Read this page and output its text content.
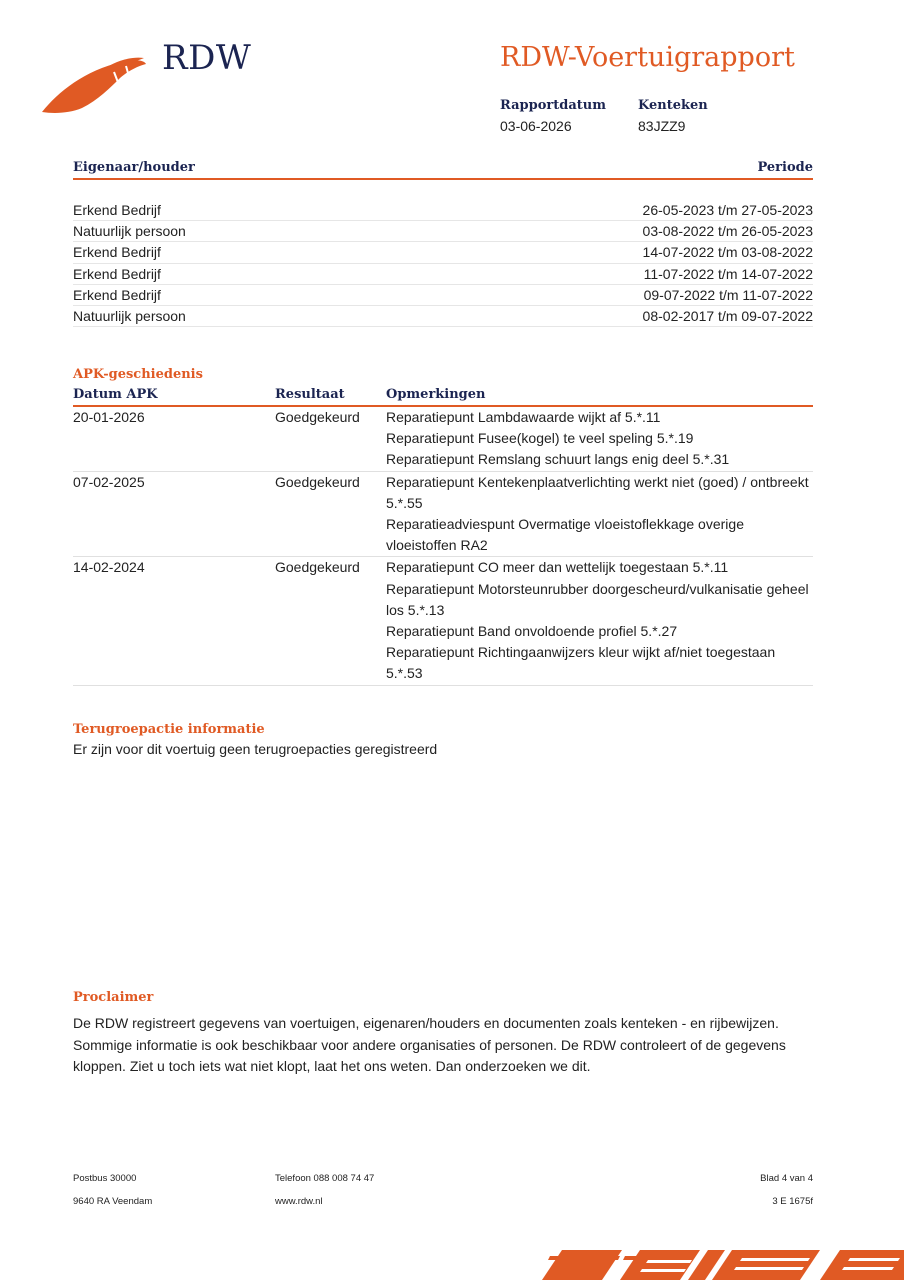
RDW	RDW-Voertuigrapport
Rapportdatum
03-06-2026
Kenteken
83JZZ9
Eigenaar/houder	Periode
Erkend Bedrijf	26-05-2023 t/m 27-05-2023
Natuurlijk persoon	03-08-2022 t/m 26-05-2023
Erkend Bedrijf	14-07-2022 t/m 03-08-2022
Erkend Bedrijf	11-07-2022 t/m 14-07-2022
Erkend Bedrijf	09-07-2022 t/m 11-07-2022
Natuurlijk persoon	08-02-2017 t/m 09-07-2022
APK-geschiedenis
Datum APK	Resultaat	Opmerkingen
20-01-2026	Goedgekeurd	Reparatiepunt Lambdawaarde wijkt af 5.*.11
Reparatiepunt Fusee(kogel) te veel speling 5.*.19
Reparatiepunt Remslang schuurt langs enig deel 5.*.31
07-02-2025	Goedgekeurd	Reparatiepunt Kentekenplaatverlichting werkt niet (goed) / ontbreekt 5.*.55
Reparatieadviespunt Overmatige vloeistoflekkage overige vloeistoffen RA2
14-02-2024	Goedgekeurd	Reparatiepunt CO meer dan wettelijk toegestaan 5.*.11
Reparatiepunt Motorsteunrubber doorgescheurd/vulkanisatie geheel los 5.*.13
Reparatiepunt Band onvoldoende profiel 5.*.27
Reparatiepunt Richtingaanwijzers kleur wijkt af/niet toegestaan 5.*.53
Terugroepactie informatie
Er zijn voor dit voertuig geen terugroepacties geregistreerd
Proclaimer
De RDW registreert gegevens van voertuigen, eigenaren/houders en documenten zoals kenteken - en rijbewijzen. Sommige informatie is ook beschikbaar voor andere organisaties of personen. De RDW controleert of de gegevens kloppen. Ziet u toch iets wat niet klopt, laat het ons weten. Dan onderzoeken we dit.
Postbus 30000
9640 RA Veendam
Telefoon 088 008 74 47
www.rdw.nl
Blad 4 van 4
3 E 1675f
